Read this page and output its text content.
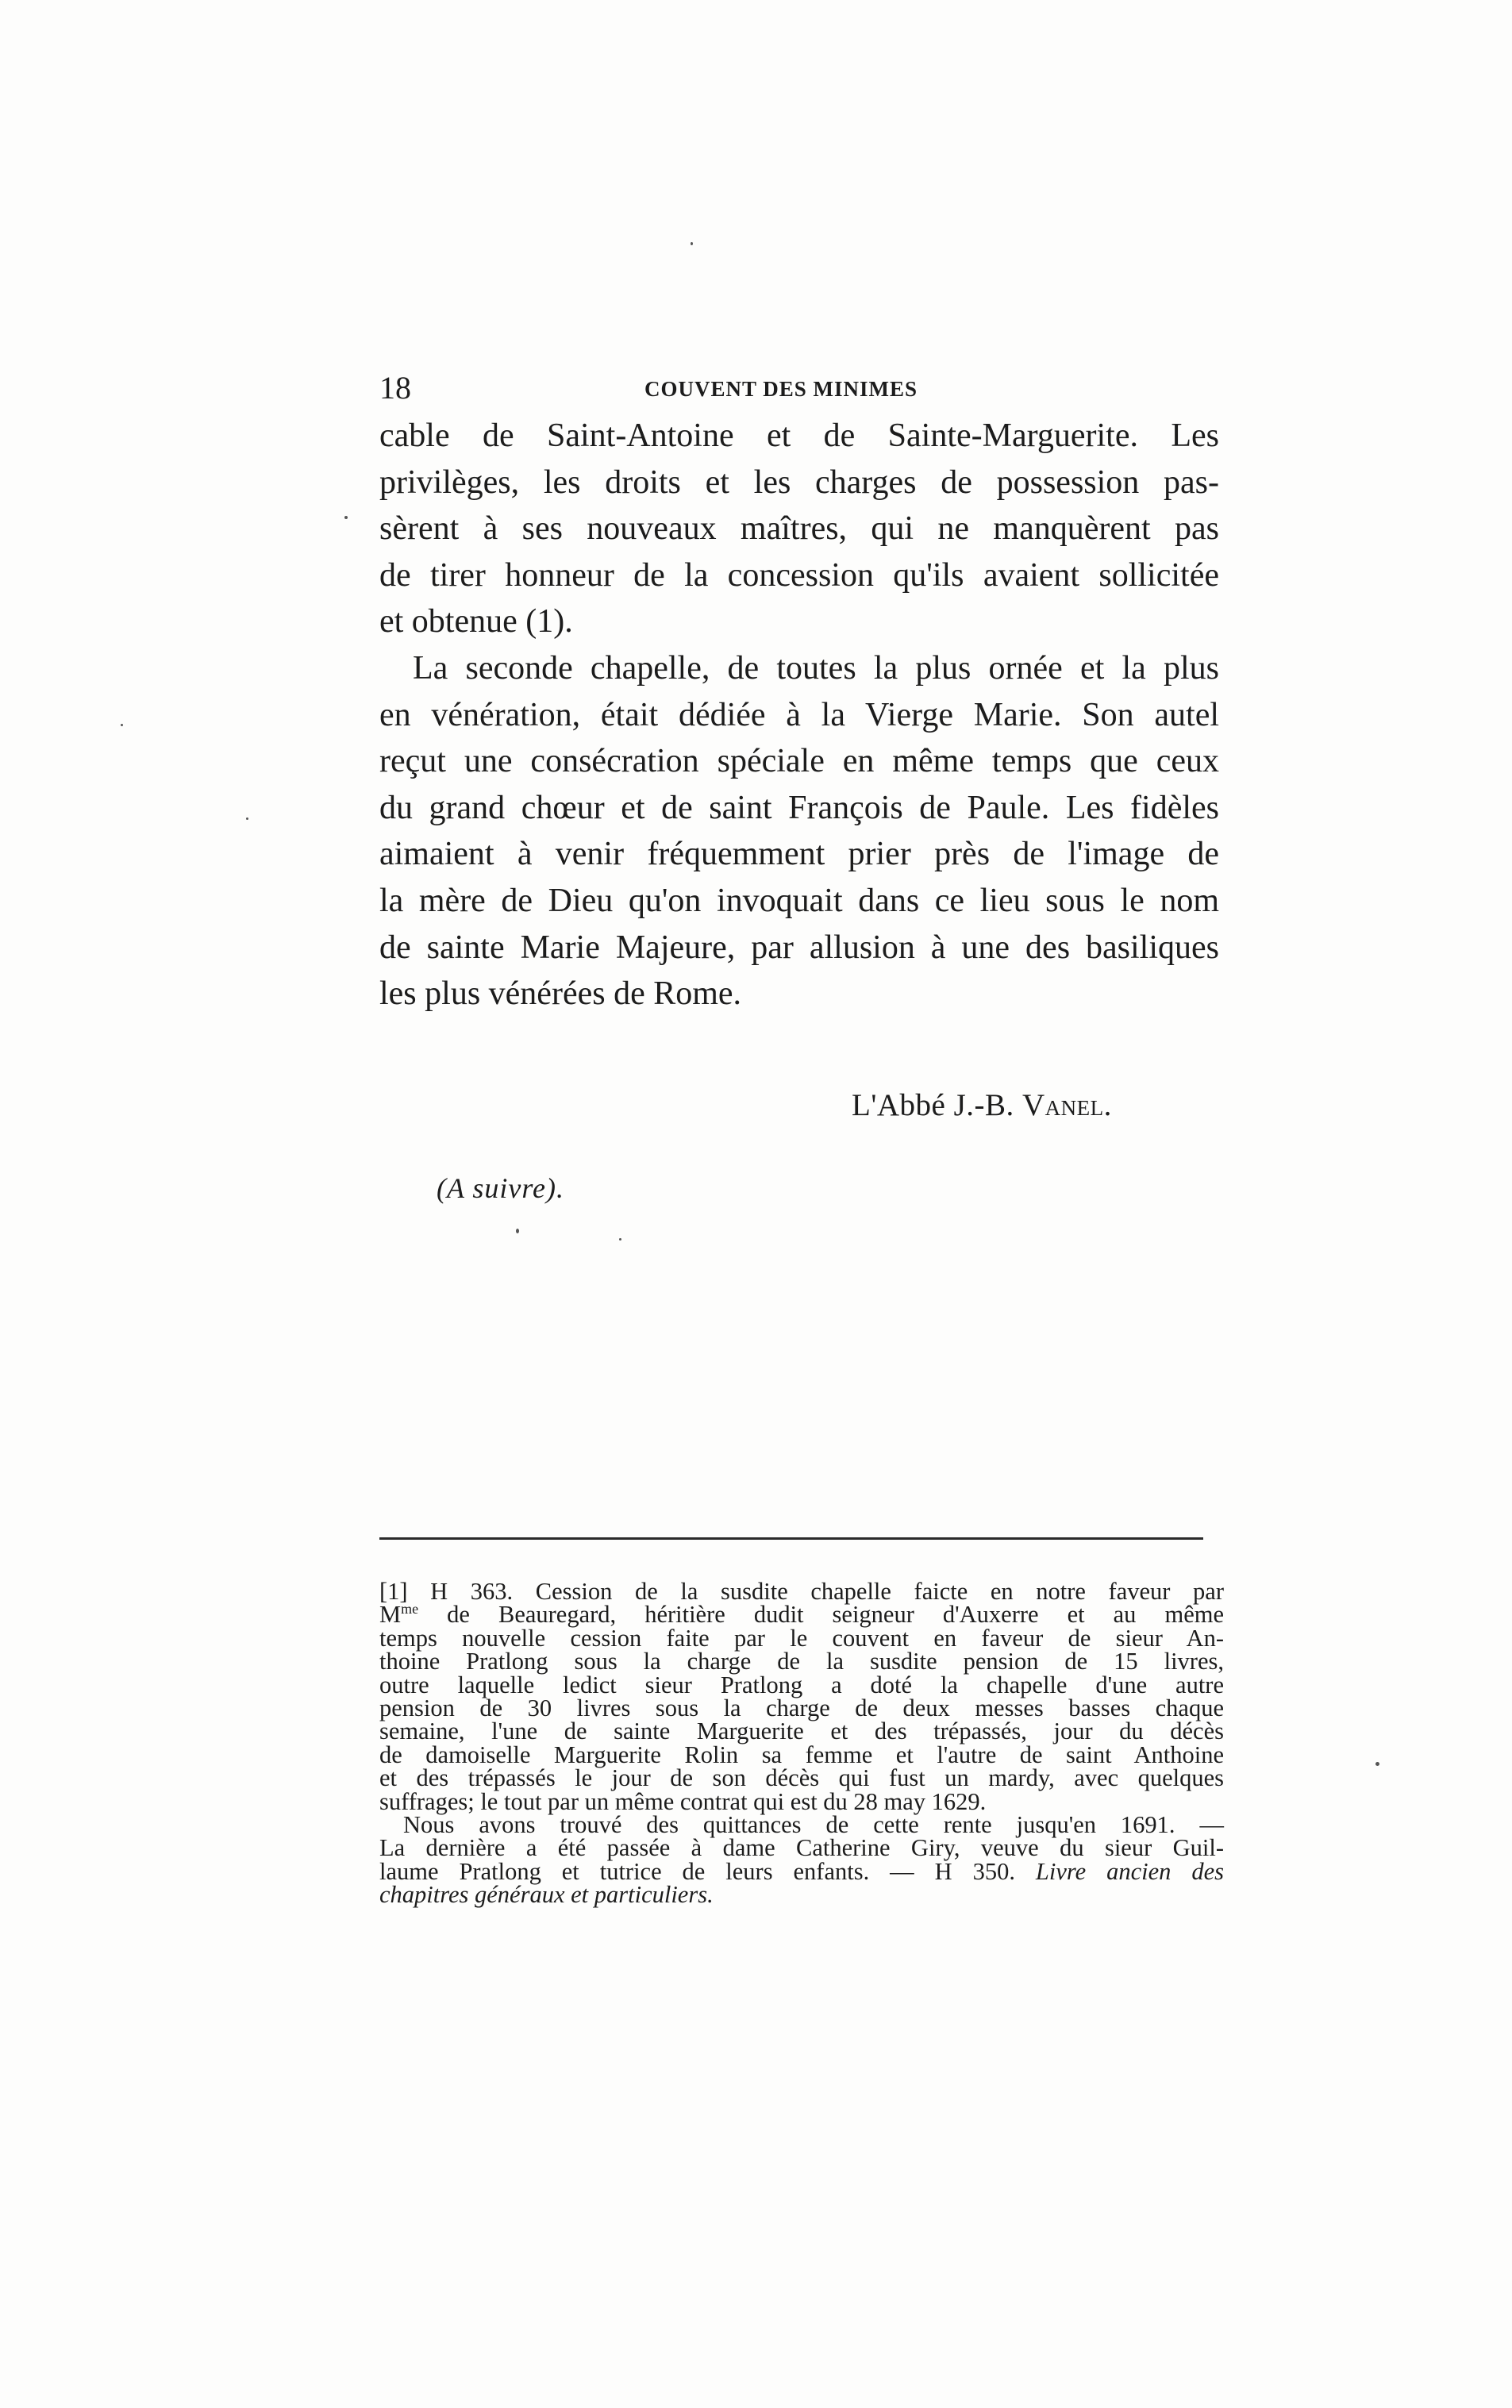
18	COUVENT DES MINIMES
cable de Saint-Antoine et de Sainte-Marguerite. Les
privilèges, les droits et les charges de possession pas-
sèrent à ses nouveaux maîtres, qui ne manquèrent pas
de tirer honneur de la concession qu'ils avaient sollicitée
et obtenue (1).
La seconde chapelle, de toutes la plus ornée et la plus
en vénération, était dédiée à la Vierge Marie. Son autel
reçut une consécration spéciale en même temps que ceux
du grand chœur et de saint François de Paule. Les fidèles
aimaient à venir fréquemment prier près de l'image de
la mère de Dieu qu'on invoquait dans ce lieu sous le nom
de sainte Marie Majeure, par allusion à une des basiliques
les plus vénérées de Rome.
L'Abbé J.-B. Vanel.
(A suivre).
[1] H 363. Cession de la susdite chapelle faicte en notre faveur par
$M^{me}$ de Beauregard, héritière dudit seigneur d'Auxerre et au même
temps nouvelle cession faite par le couvent en faveur de sieur An-
thoine Pratlong sous la charge de la susdite pension de 15 livres,
outre laquelle ledict sieur Pratlong a doté la chapelle d'une autre
pension de 30 livres sous la charge de deux messes basses chaque
semaine, l'une de sainte Marguerite et des trépassés, jour du décès
de damoiselle Marguerite Rolin sa femme et l'autre de saint Anthoine
et des trépassés le jour de son décès qui fust un mardy, avec quelques
suffrages; le tout par un même contrat qui est du 28 may 1629.
Nous avons trouvé des quittances de cette rente jusqu'en 1691. —
La dernière a été passée à dame Catherine Giry, veuve du sieur Guil-
laume Pratlong et tutrice de leurs enfants. — H 350. Livre ancien des
chapitres généraux et particuliers.
